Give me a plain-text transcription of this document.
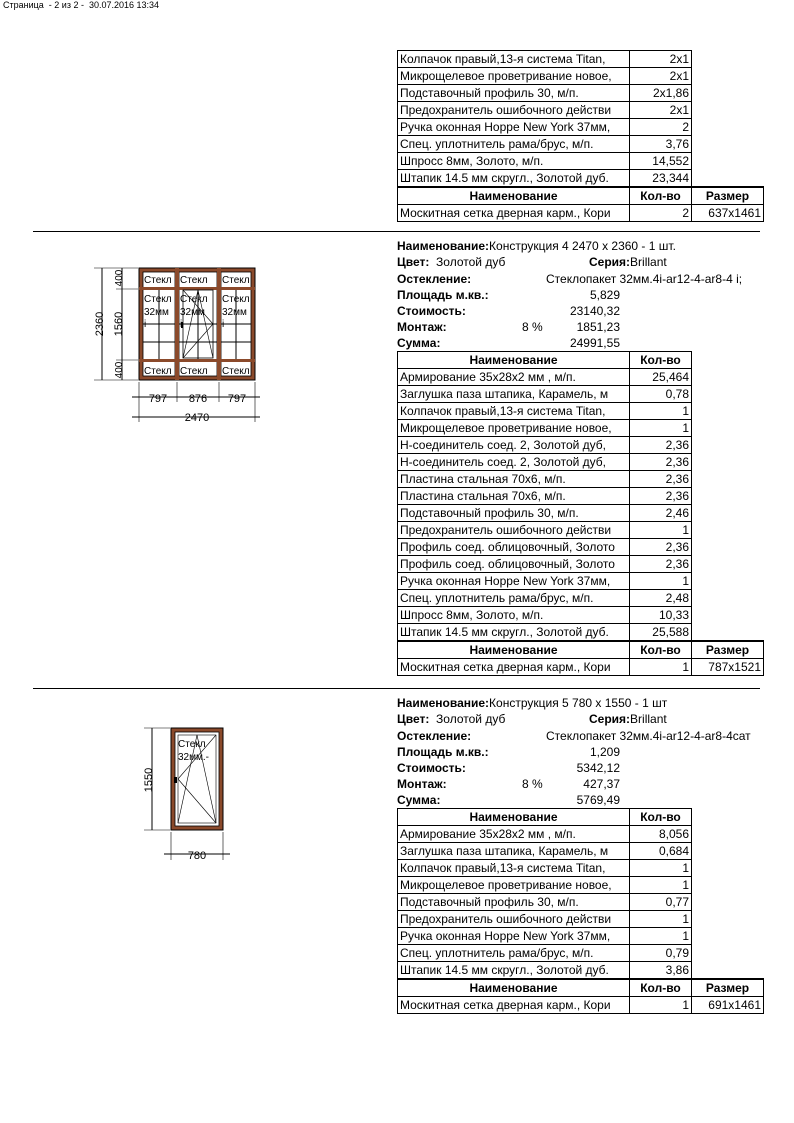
Страница  - 2 из 2 -  30.07.2016 13:34
Колпачок правый,13-я система Titan,	2x1	
Микрощелевое проветривание новое,	2x1	
Подставочный профиль 30, м/п.	2x1,86	
Предохранитель ошибочного действи	2x1	
Ручка оконная Hoppe New York 37мм,	2	
Спец. уплотнитель рама/брус, м/п.	3,76	
Шпросс 8мм, Золото, м/п.	14,552	
Штапик 14.5 мм скругл., Золотой дуб.	23,344	
Наименование	Кол-во	Размер
Москитная сетка дверная карм., Кори	2	637x1461
Наименование:Конструкция 4 2470 x 2360 - 1 шт.
Цвет: Золотой дуб	Серия:Brillant
Остекление:	Стеклопакет 32мм.4i-ar12-4-ar8-4 i;
Площадь м.кв.:	5,829
Стоимость:	23140,32
Монтаж:	8 %	1851,23
Сумма:	24991,55
Наименование	Кол-во	
Армирование 35x28x2 мм , м/п.	25,464	
Заглушка паза штапика, Карамель, м	0,78	
Колпачок правый,13-я система Titan,	1	
Микрощелевое проветривание новое,	1	
Н-соединитель соед. 2, Золотой дуб,	2,36	
Н-соединитель соед. 2, Золотой дуб,	2,36	
Пластина стальная 70x6, м/п.	2,36	
Пластина стальная 70x6, м/п.	2,36	
Подставочный профиль 30, м/п.	2,46	
Предохранитель ошибочного действи	1	
Профиль соед. облицовочный, Золото	2,36	
Профиль соед. облицовочный, Золото	2,36	
Ручка оконная Hoppe New York 37мм,	1	
Спец. уплотнитель рама/брус, м/п.	2,48	
Шпросс 8мм, Золото, м/п.	10,33	
Штапик 14.5 мм скругл., Золотой дуб.	25,588	
Наименование	Кол-во	Размер
Москитная сетка дверная карм., Кори	1	787x1521
2360
400
1560
400
Стекл Стекл Стекл
Стекл Стекл Стекл
32мм 32мм 32мм
i	i	i
Стекл Стекл Стекл
797 876 797
2470
Наименование:Конструкция 5 780 x 1550 - 1 шт
Цвет: Золотой дуб	Серия:Brillant
Остекление:	Стеклопакет 32мм.4i-ar12-4-ar8-4сат
Площадь м.кв.:	1,209
Стоимость:	5342,12
Монтаж:	8 %	427,37
Сумма:	5769,49
Наименование	Кол-во	
Армирование 35x28x2 мм , м/п.	8,056	
Заглушка паза штапика, Карамель, м	0,684	
Колпачок правый,13-я система Titan,	1	
Микрощелевое проветривание новое,	1	
Подставочный профиль 30, м/п.	0,77	
Предохранитель ошибочного действи	1	
Ручка оконная Hoppe New York 37мм,	1	
Спец. уплотнитель рама/брус, м/п.	0,79	
Штапик 14.5 мм скругл., Золотой дуб.	3,86	
Наименование	Кол-во	Размер
Москитная сетка дверная карм., Кори	1	691x1461
1550
Стекл
32мм.-
780
